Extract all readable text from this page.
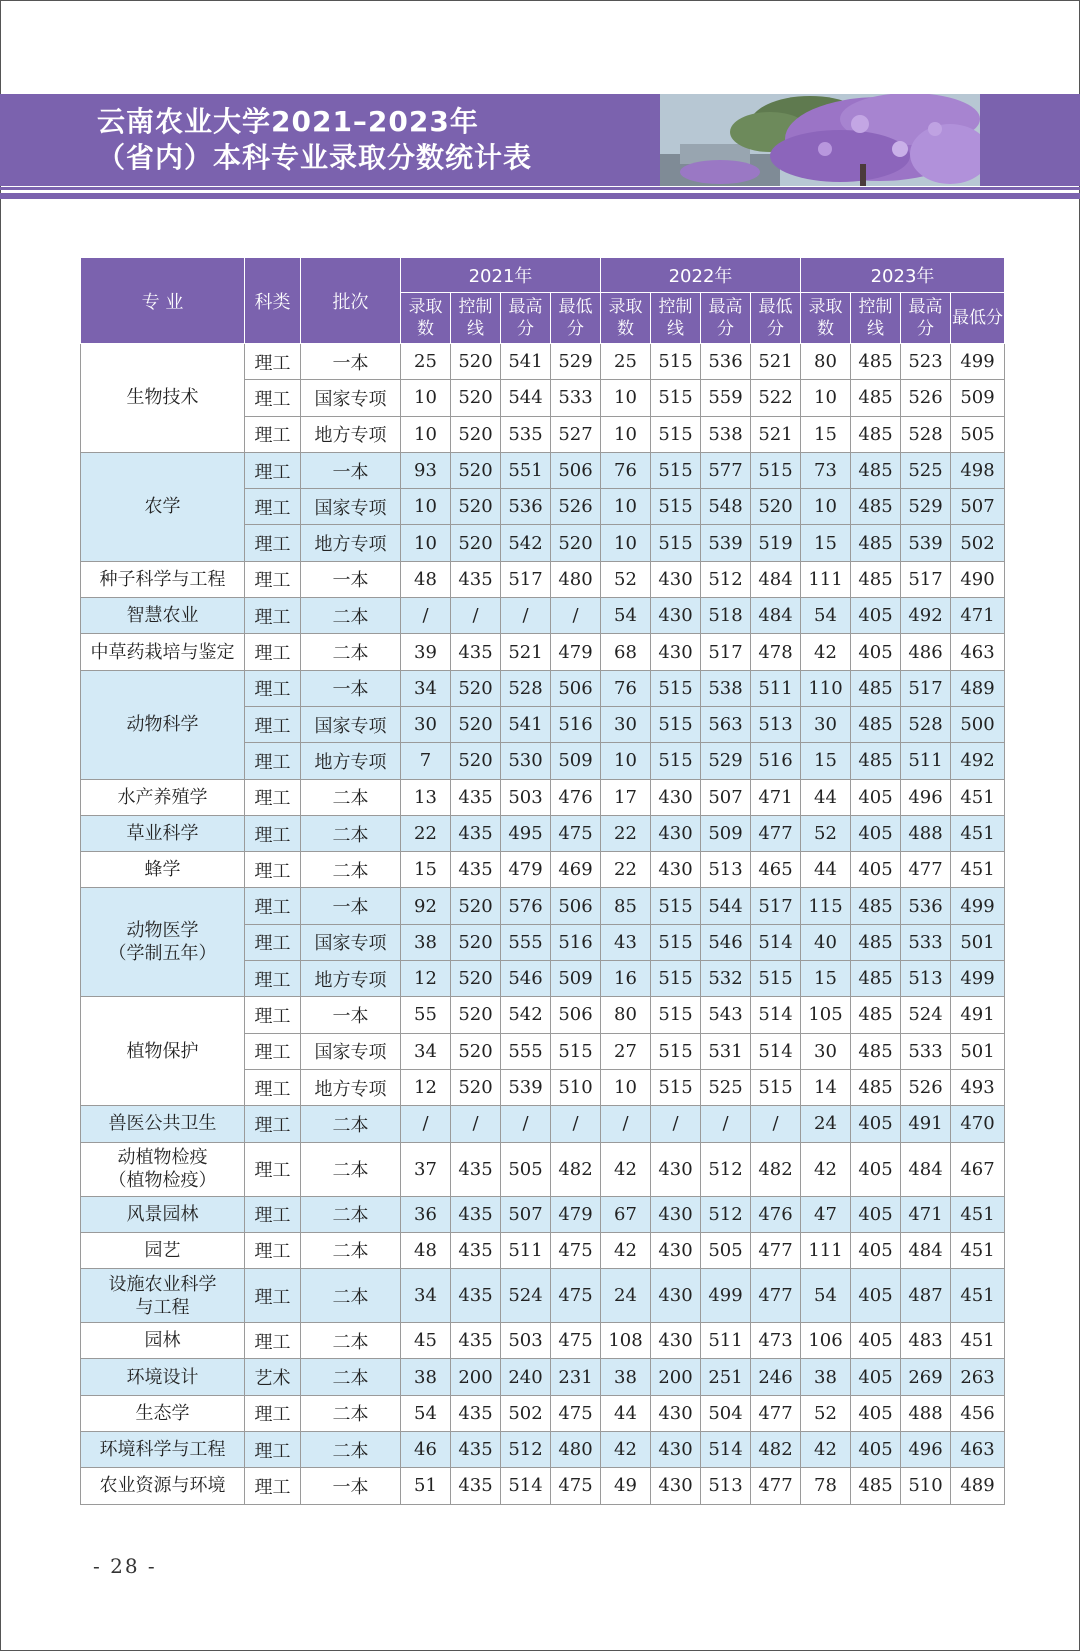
云南农业大学2021–2023年
（省内）本科专业录取分数统计表
专 业	科类	批次	2021年				2022年				2023年			
			录取数	控制线	最高分	最低分	录取数	控制线	最高分	最低分	录取数	控制线	最高分	最低分
生物技术	理工	一本	25	520	541	529	25	515	536	521	80	485	523	499
	理工	国家专项	10	520	544	533	10	515	559	522	10	485	526	509
	理工	地方专项	10	520	535	527	10	515	538	521	15	485	528	505
农学	理工	一本	93	520	551	506	76	515	577	515	73	485	525	498
	理工	国家专项	10	520	536	526	10	515	548	520	10	485	529	507
	理工	地方专项	10	520	542	520	10	515	539	519	15	485	539	502
种子科学与工程	理工	一本	48	435	517	480	52	430	512	484	111	485	517	490
智慧农业	理工	二本	/	/	/	/	54	430	518	484	54	405	492	471
中草药栽培与鉴定	理工	二本	39	435	521	479	68	430	517	478	42	405	486	463
动物科学	理工	一本	34	520	528	506	76	515	538	511	110	485	517	489
	理工	国家专项	30	520	541	516	30	515	563	513	30	485	528	500
	理工	地方专项	7	520	530	509	10	515	529	516	15	485	511	492
水产养殖学	理工	二本	13	435	503	476	17	430	507	471	44	405	496	451
草业科学	理工	二本	22	435	495	475	22	430	509	477	52	405	488	451
蜂学	理工	二本	15	435	479	469	22	430	513	465	44	405	477	451
动物医学
（学制五年）	理工	一本	92	520	576	506	85	515	544	517	115	485	536	499
	理工	国家专项	38	520	555	516	43	515	546	514	40	485	533	501
	理工	地方专项	12	520	546	509	16	515	532	515	15	485	513	499
植物保护	理工	一本	55	520	542	506	80	515	543	514	105	485	524	491
	理工	国家专项	34	520	555	515	27	515	531	514	30	485	533	501
	理工	地方专项	12	520	539	510	10	515	525	515	14	485	526	493
兽医公共卫生	理工	二本	/	/	/	/	/	/	/	/	24	405	491	470
动植物检疫
（植物检疫）	理工	二本	37	435	505	482	42	430	512	482	42	405	484	467
风景园林	理工	二本	36	435	507	479	67	430	512	476	47	405	471	451
园艺	理工	二本	48	435	511	475	42	430	505	477	111	405	484	451
设施农业科学
与工程	理工	二本	34	435	524	475	24	430	499	477	54	405	487	451
园林	理工	二本	45	435	503	475	108	430	511	473	106	405	483	451
环境设计	艺术	二本	38	200	240	231	38	200	251	246	38	405	269	263
生态学	理工	二本	54	435	502	475	44	430	504	477	52	405	488	456
环境科学与工程	理工	二本	46	435	512	480	42	430	514	482	42	405	496	463
农业资源与环境	理工	一本	51	435	514	475	49	430	513	477	78	485	510	489
- 28 -
